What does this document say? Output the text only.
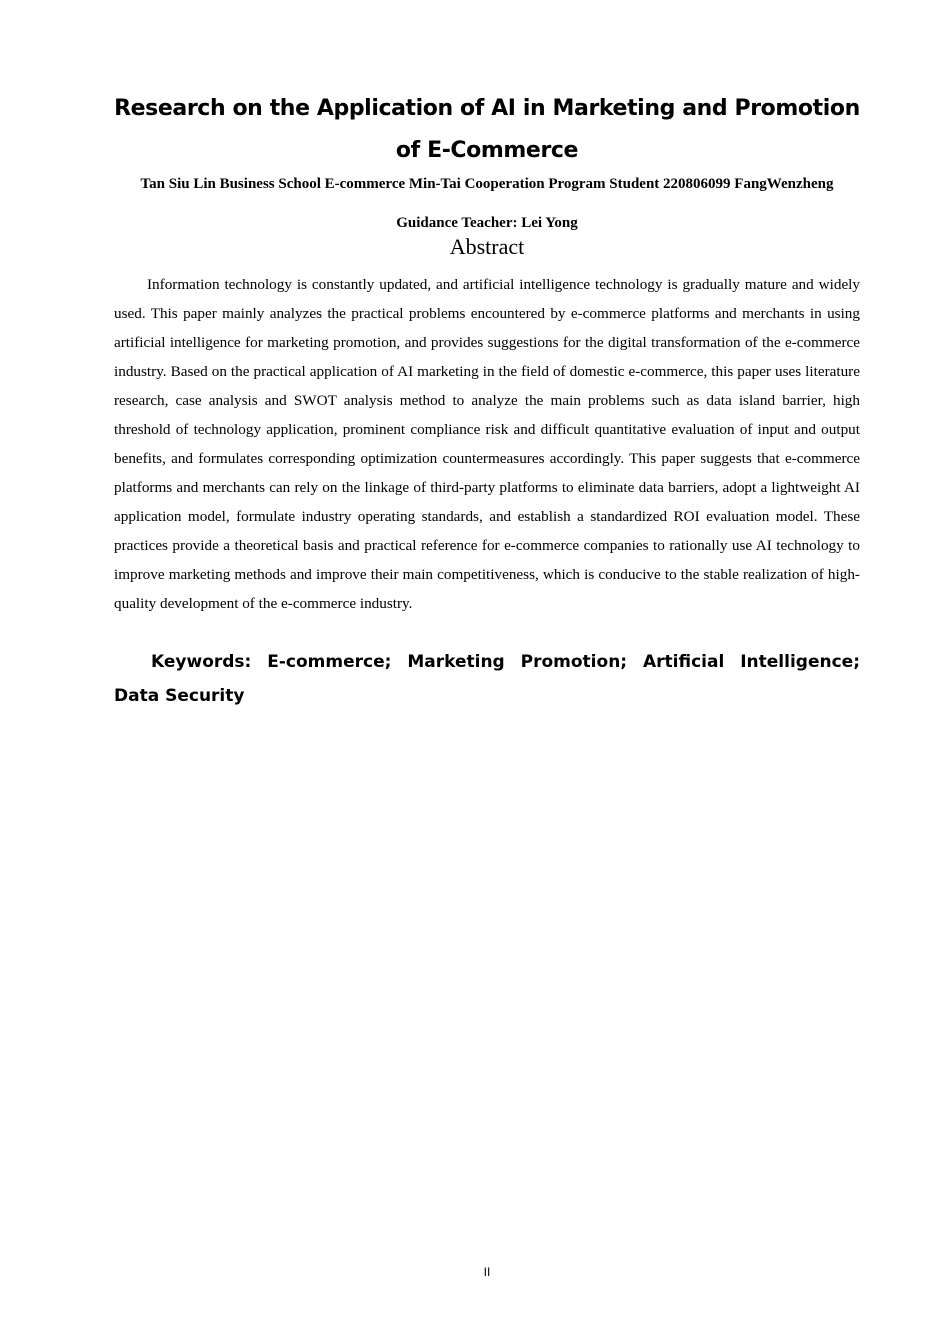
Research on the Application of AI in Marketing and Promotion of E-Commerce

Tan Siu Lin Business School E-commerce Min-Tai Cooperation Program Student 220806099 FangWenzheng

Guidance Teacher: Lei Yong

Abstract

Information technology is constantly updated, and artificial intelligence technology is gradually mature and widely used. This paper mainly analyzes the practical problems encountered by e-commerce platforms and merchants in using artificial intelligence for marketing promotion, and provides suggestions for the digital transformation of the e-commerce industry. Based on the practical application of AI marketing in the field of domestic e-commerce, this paper uses literature research, case analysis and SWOT analysis method to analyze the main problems such as data island barrier, high threshold of technology application, prominent compliance risk and difficult quantitative evaluation of input and output benefits, and formulates corresponding optimization countermeasures accordingly. This paper suggests that e-commerce platforms and merchants can rely on the linkage of third-party platforms to eliminate data barriers, adopt a lightweight AI application model, formulate industry operating standards, and establish a standardized ROI evaluation model. These practices provide a theoretical basis and practical reference for e-commerce companies to rationally use AI technology to improve marketing methods and improve their main competitiveness, which is conducive to the stable realization of high-quality development of the e-commerce industry.

Keywords: E-commerce; Marketing Promotion; Artificial Intelligence; Data Security

II
